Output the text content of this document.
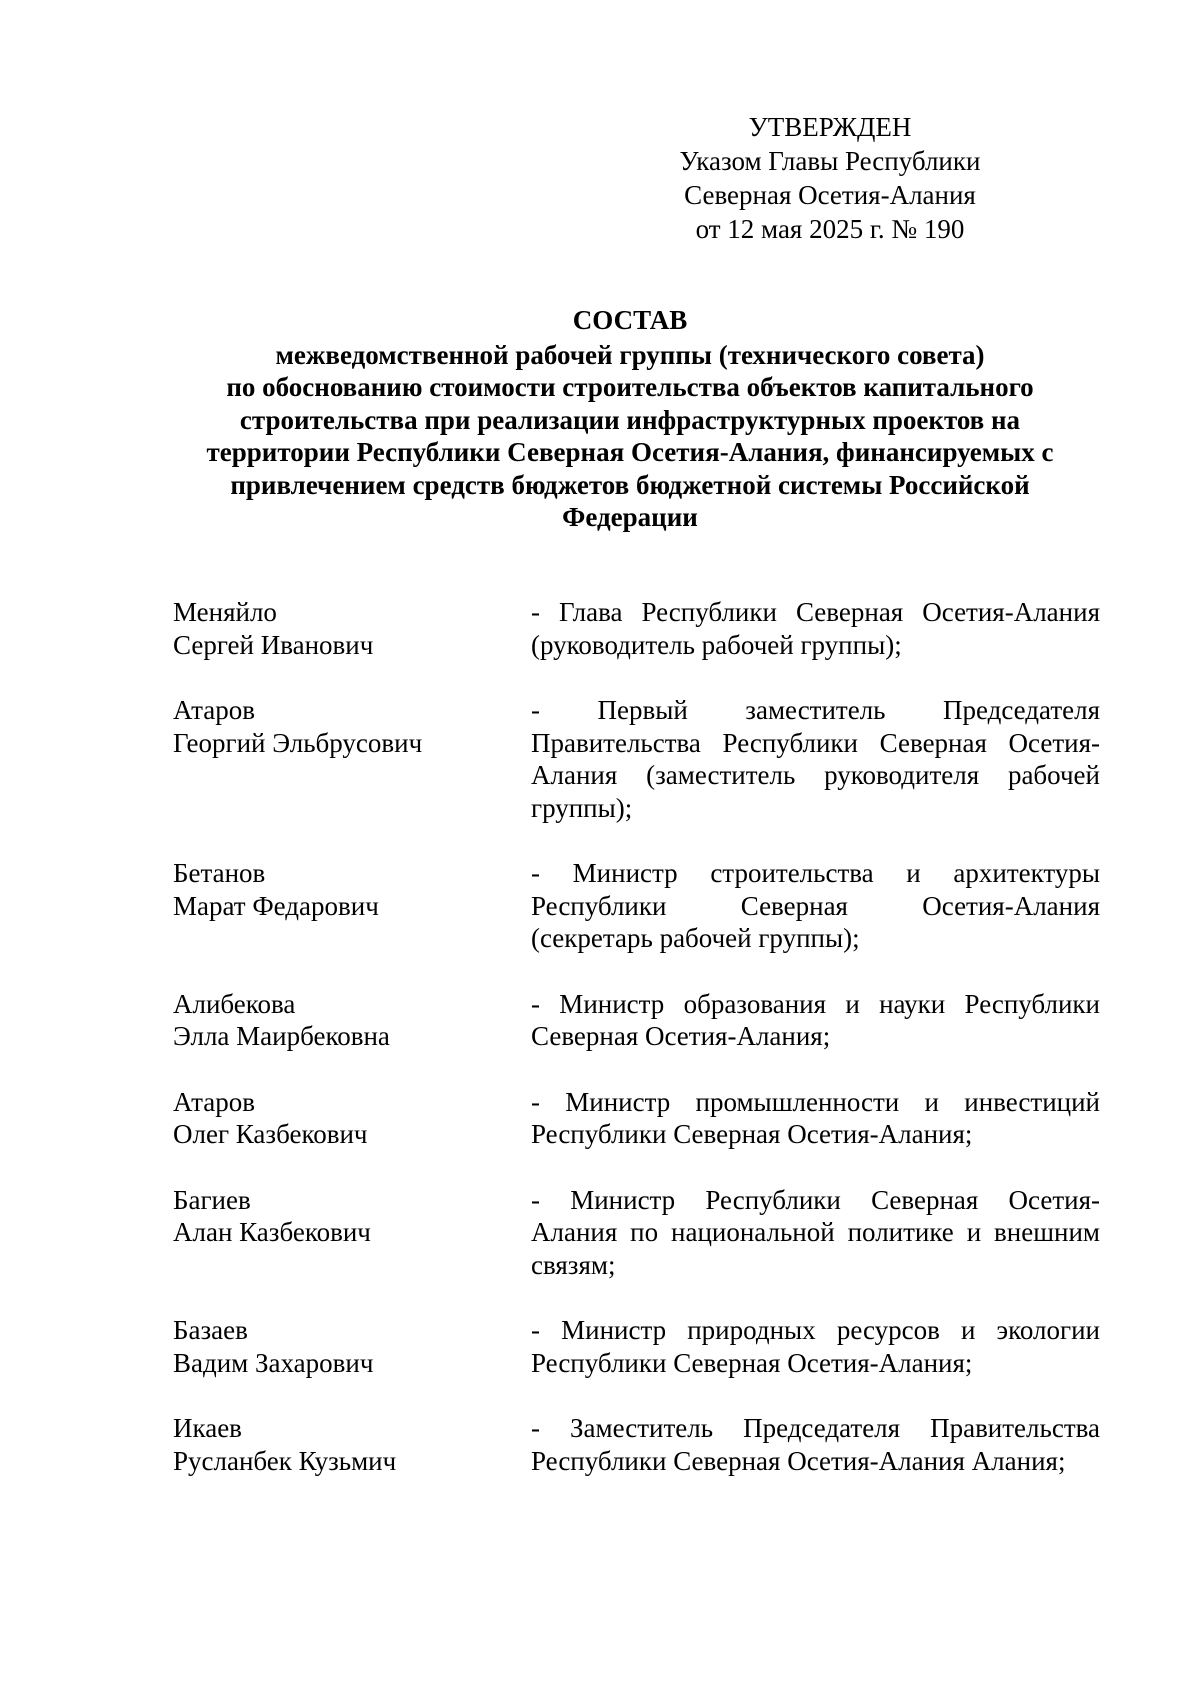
УТВЕРЖДЕН
Указом Главы Республики
Северная Осетия-Алания
от 12 мая 2025 г. № 190
СОСТАВ
межведомственной рабочей группы (технического совета)
по обоснованию стоимости строительства объектов капитального
строительства при реализации инфраструктурных проектов на
территории Республики Северная Осетия-Алания, финансируемых с
привлечением средств бюджетов бюджетной системы Российской
Федерации
Меняйло
Сергей Иванович
- Глава Республики Северная Осетия-Алания
(руководитель рабочей группы);
Атаров
Георгий Эльбрусович
- Первый заместитель Председателя
Правительства Республики Северная Осетия-
Алания (заместитель руководителя рабочей
группы);
Бетанов
Марат Федарович
- Министр строительства и архитектуры
Республики Северная Осетия-Алания
(секретарь рабочей группы);
Алибекова
Элла Маирбековна
- Министр образования и науки Республики
Северная Осетия-Алания;
Атаров
Олег Казбекович
- Министр промышленности и инвестиций
Республики Северная Осетия-Алания;
Багиев
Алан Казбекович
- Министр Республики Северная Осетия-
Алания по национальной политике и внешним
связям;
Базаев
Вадим Захарович
- Министр природных ресурсов и экологии
Республики Северная Осетия-Алания;
Икаев
Русланбек Кузьмич
- Заместитель Председателя Правительства
Республики Северная Осетия-Алания Алания;
